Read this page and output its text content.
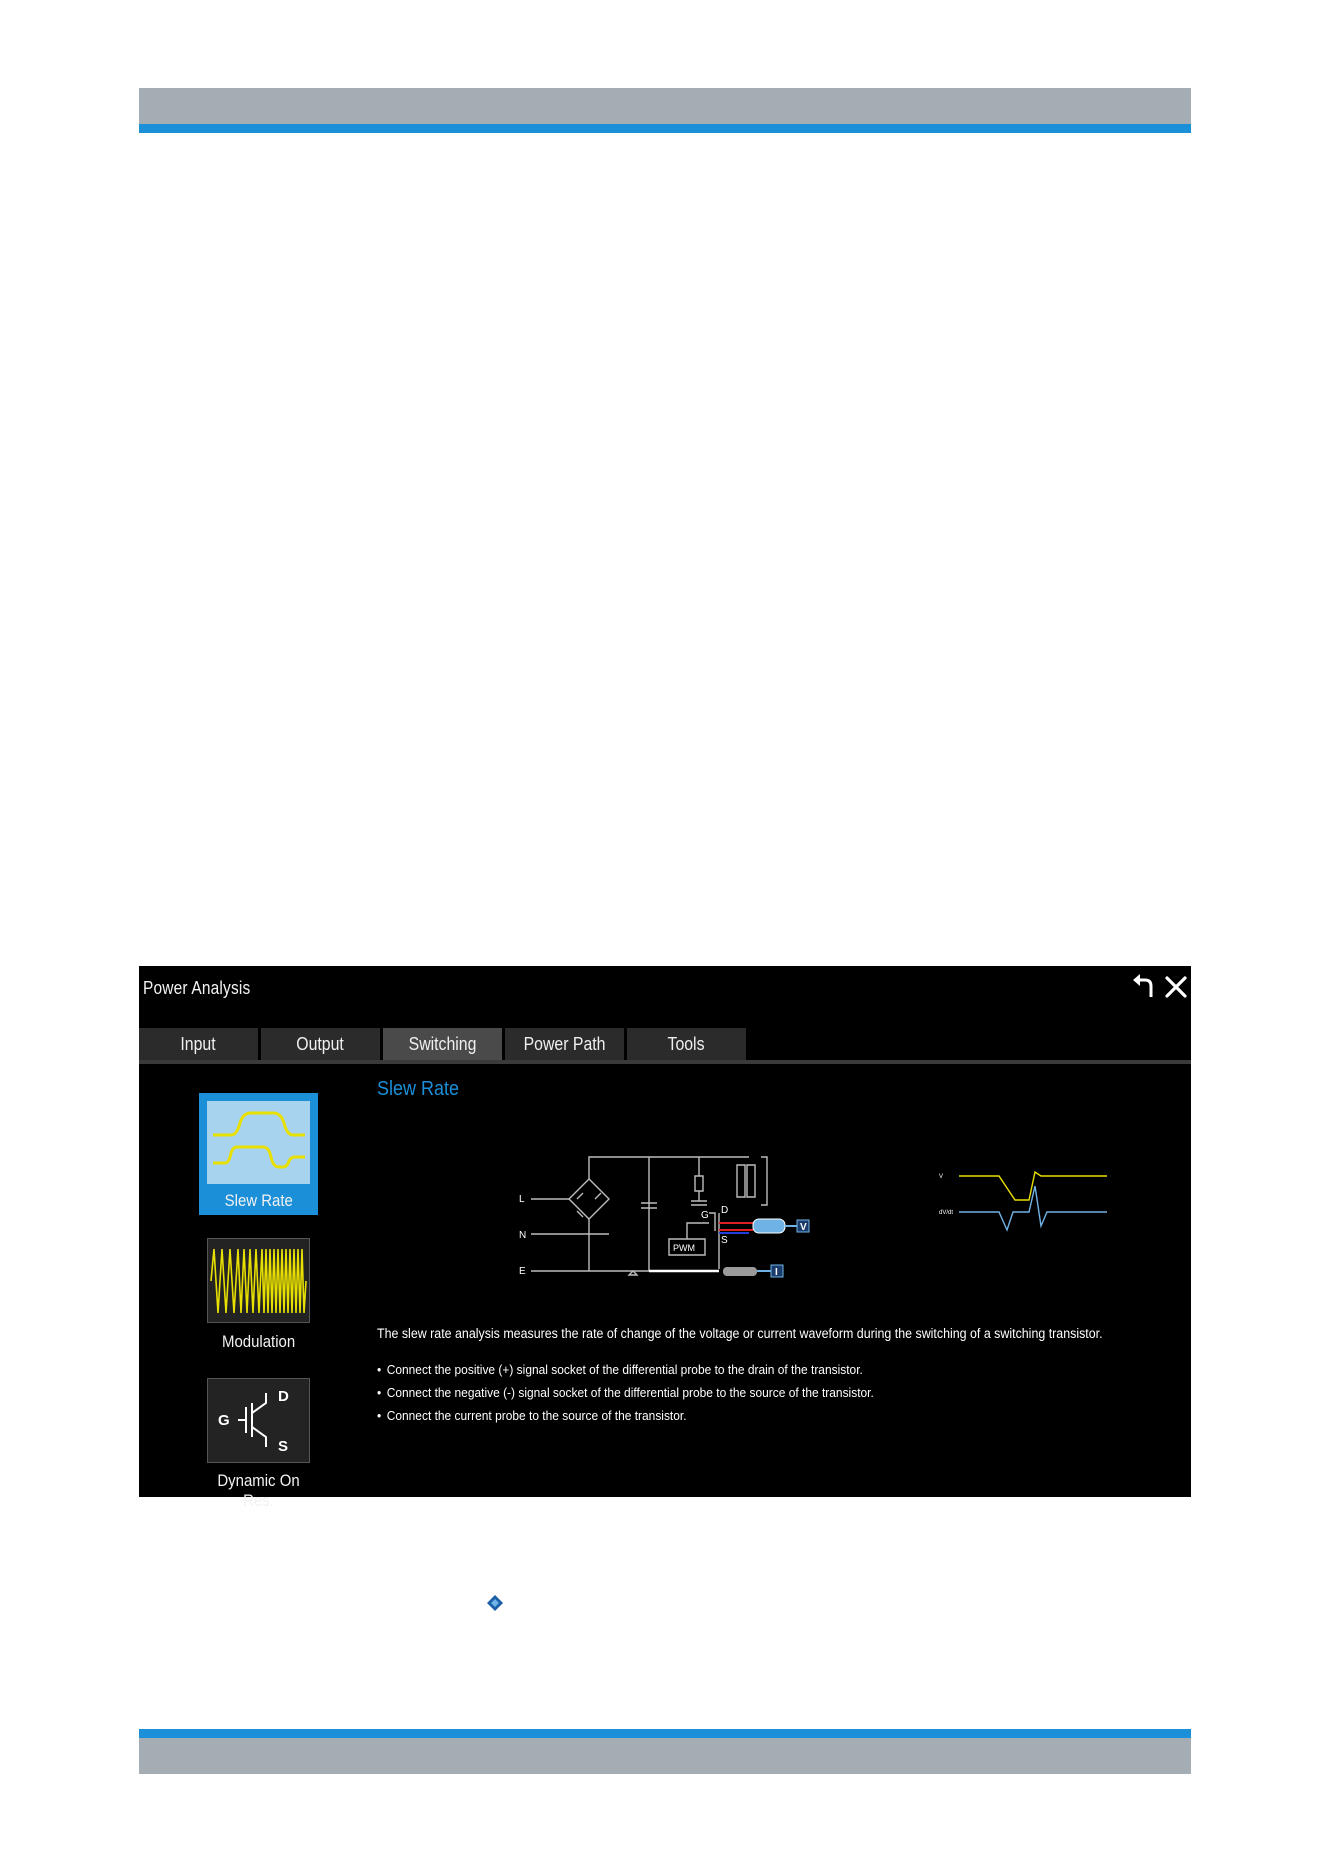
Power Analysis
Input	Output	Switching	Power Path	Tools
Slew Rate
Modulation
G
D
S
Dynamic On Res.
Slew Rate
L
N
E
G D
S
PWM
V
I
V
dV/dt
The slew rate analysis measures the rate of change of the voltage or current waveform during the switching of a switching transistor.
• Connect the positive (+) signal socket of the differential probe to the drain of the transistor.
• Connect the negative (-) signal socket of the differential probe to the source of the transistor.
• Connect the current probe to the source of the transistor.
